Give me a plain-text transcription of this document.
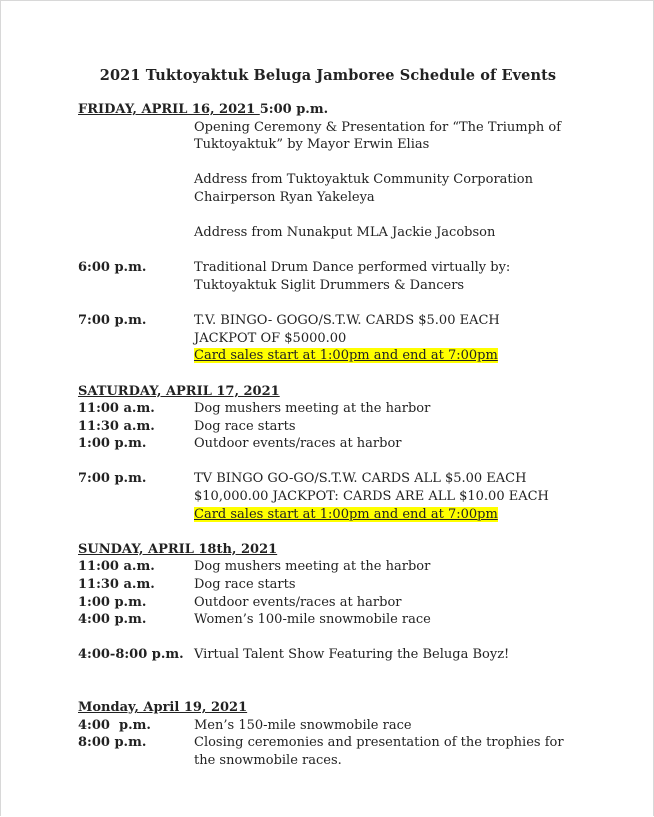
2021 Tuktoyaktuk Beluga Jamboree Schedule of Events
FRIDAY, APRIL 16, 2021 5:00 p.m.
Opening Ceremony & Presentation for “The Triumph of
Tuktoyaktuk” by Mayor Erwin Elias
Address from Tuktoyaktuk Community Corporation
Chairperson Ryan Yakeleya
Address from Nunakput MLA Jackie Jacobson
6:00 p.m.	Traditional Drum Dance performed virtually by:
Tuktoyaktuk Siglit Drummers & Dancers
7:00 p.m.	T.V. BINGO- GOGO/S.T.W. CARDS $5.00 EACH
JACKPOT OF $5000.00
Card sales start at 1:00pm and end at 7:00pm
SATURDAY, APRIL 17, 2021
11:00 a.m.	Dog mushers meeting at the harbor
11:30 a.m.	Dog race starts
1:00 p.m.	Outdoor events/races at harbor
7:00 p.m.	TV BINGO GO-GO/S.T.W. CARDS ALL $5.00 EACH
$10,000.00 JACKPOT: CARDS ARE ALL $10.00 EACH
Card sales start at 1:00pm and end at 7:00pm
SUNDAY, APRIL 18th, 2021
11:00 a.m.	Dog mushers meeting at the harbor
11:30 a.m.	Dog race starts
1:00 p.m.	Outdoor events/races at harbor
4:00 p.m.	Women’s 100-mile snowmobile race
4:00-8:00 p.m. Virtual Talent Show Featuring the Beluga Boyz!
Monday, April 19, 2021
4:00  p.m.	Men’s 150-mile snowmobile race
8:00 p.m.	Closing ceremonies and presentation of the trophies for
the snowmobile races.
